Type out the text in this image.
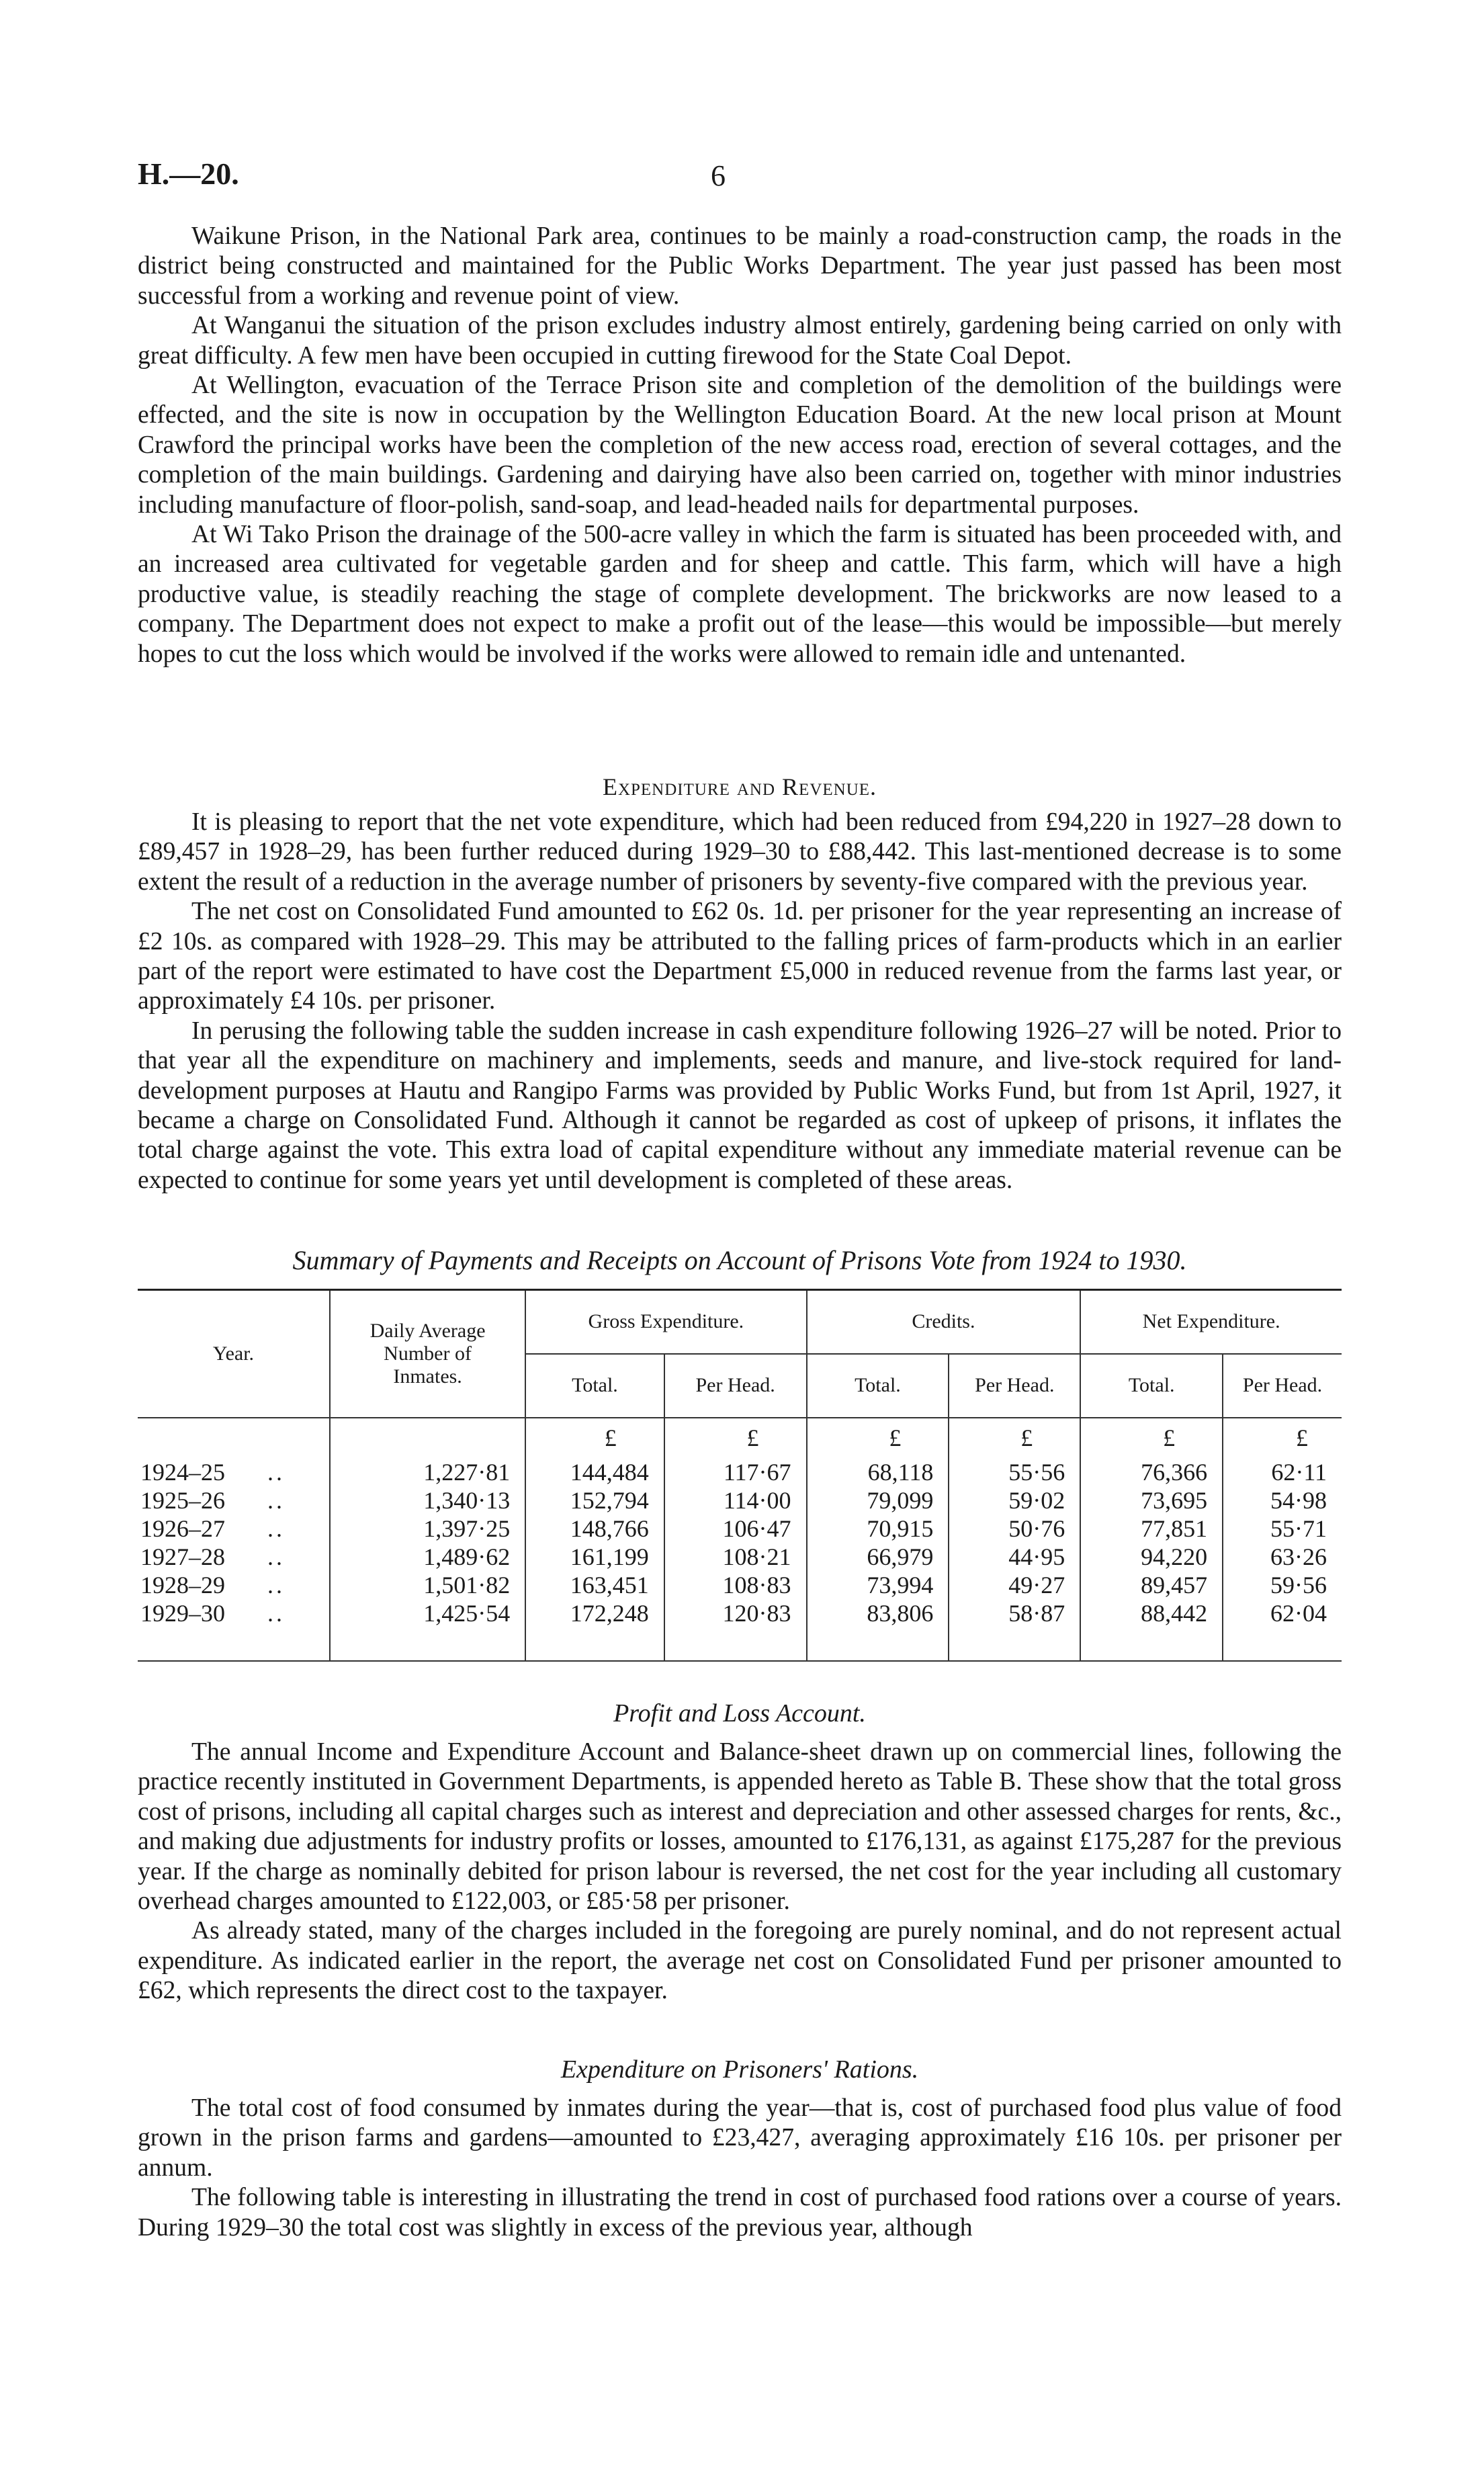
H.—20.	6

Waikune Prison, in the National Park area, continues to be mainly a road-construction camp, the roads in the district being constructed and maintained for the Public Works Department. The year just passed has been most successful from a working and revenue point of view.

At Wanganui the situation of the prison excludes industry almost entirely, gardening being carried on only with great difficulty. A few men have been occupied in cutting firewood for the State Coal Depot.

At Wellington, evacuation of the Terrace Prison site and completion of the demolition of the buildings were effected, and the site is now in occupation by the Wellington Education Board. At the new local prison at Mount Crawford the principal works have been the completion of the new access road, erection of several cottages, and the completion of the main buildings. Gardening and dairying have also been carried on, together with minor industries including manufacture of floor-polish, sand-soap, and lead-headed nails for departmental purposes.

At Wi Tako Prison the drainage of the 500-acre valley in which the farm is situated has been proceeded with, and an increased area cultivated for vegetable garden and for sheep and cattle. This farm, which will have a high productive value, is steadily reaching the stage of complete development. The brickworks are now leased to a company. The Department does not expect to make a profit out of the lease—this would be impossible—but merely hopes to cut the loss which would be involved if the works were allowed to remain idle and untenanted.

Expenditure and Revenue.

It is pleasing to report that the net vote expenditure, which had been reduced from £94,220 in 1927–28 down to £89,457 in 1928–29, has been further reduced during 1929–30 to £88,442. This last-mentioned decrease is to some extent the result of a reduction in the average number of prisoners by seventy-five compared with the previous year.

The net cost on Consolidated Fund amounted to £62 0s. 1d. per prisoner for the year representing an increase of £2 10s. as compared with 1928–29. This may be attributed to the falling prices of farm-products which in an earlier part of the report were estimated to have cost the Department £5,000 in reduced revenue from the farms last year, or approximately £4 10s. per prisoner.

In perusing the following table the sudden increase in cash expenditure following 1926–27 will be noted. Prior to that year all the expenditure on machinery and implements, seeds and manure, and live-stock required for land-development purposes at Hautu and Rangipo Farms was provided by Public Works Fund, but from 1st April, 1927, it became a charge on Consolidated Fund. Although it cannot be regarded as cost of upkeep of prisons, it inflates the total charge against the vote. This extra load of capital expenditure without any immediate material revenue can be expected to continue for some years yet until development is completed of these areas.

Summary of Payments and Receipts on Account of Prisons Vote from 1924 to 1930.

Year.	Daily Average Number of Inmates.	Gross Expenditure.		Credits.		Net Expenditure.	
		Total.	Per Head.	Total.	Per Head.	Total.	Per Head.
		£	£	£	£	£	£
1924–25 ..	1,227·81	144,484	117·67	68,118	55·56	76,366	62·11
1925–26 ..	1,340·13	152,794	114·00	79,099	59·02	73,695	54·98
1926–27 ..	1,397·25	148,766	106·47	70,915	50·76	77,851	55·71
1927–28 ..	1,489·62	161,199	108·21	66,979	44·95	94,220	63·26
1928–29 ..	1,501·82	163,451	108·83	73,994	49·27	89,457	59·56
1929–30 ..	1,425·54	172,248	120·83	83,806	58·87	88,442	62·04

Profit and Loss Account.

The annual Income and Expenditure Account and Balance-sheet drawn up on commercial lines, following the practice recently instituted in Government Departments, is appended hereto as Table B. These show that the total gross cost of prisons, including all capital charges such as interest and depreciation and other assessed charges for rents, &c., and making due adjustments for industry profits or losses, amounted to £176,131, as against £175,287 for the previous year. If the charge as nominally debited for prison labour is reversed, the net cost for the year including all customary overhead charges amounted to £122,003, or £85·58 per prisoner.

As already stated, many of the charges included in the foregoing are purely nominal, and do not represent actual expenditure. As indicated earlier in the report, the average net cost on Consolidated Fund per prisoner amounted to £62, which represents the direct cost to the taxpayer.

Expenditure on Prisoners' Rations.

The total cost of food consumed by inmates during the year—that is, cost of purchased food plus value of food grown in the prison farms and gardens—amounted to £23,427, averaging approximately £16 10s. per prisoner per annum.

The following table is interesting in illustrating the trend in cost of purchased food rations over a course of years. During 1929–30 the total cost was slightly in excess of the previous year, although
